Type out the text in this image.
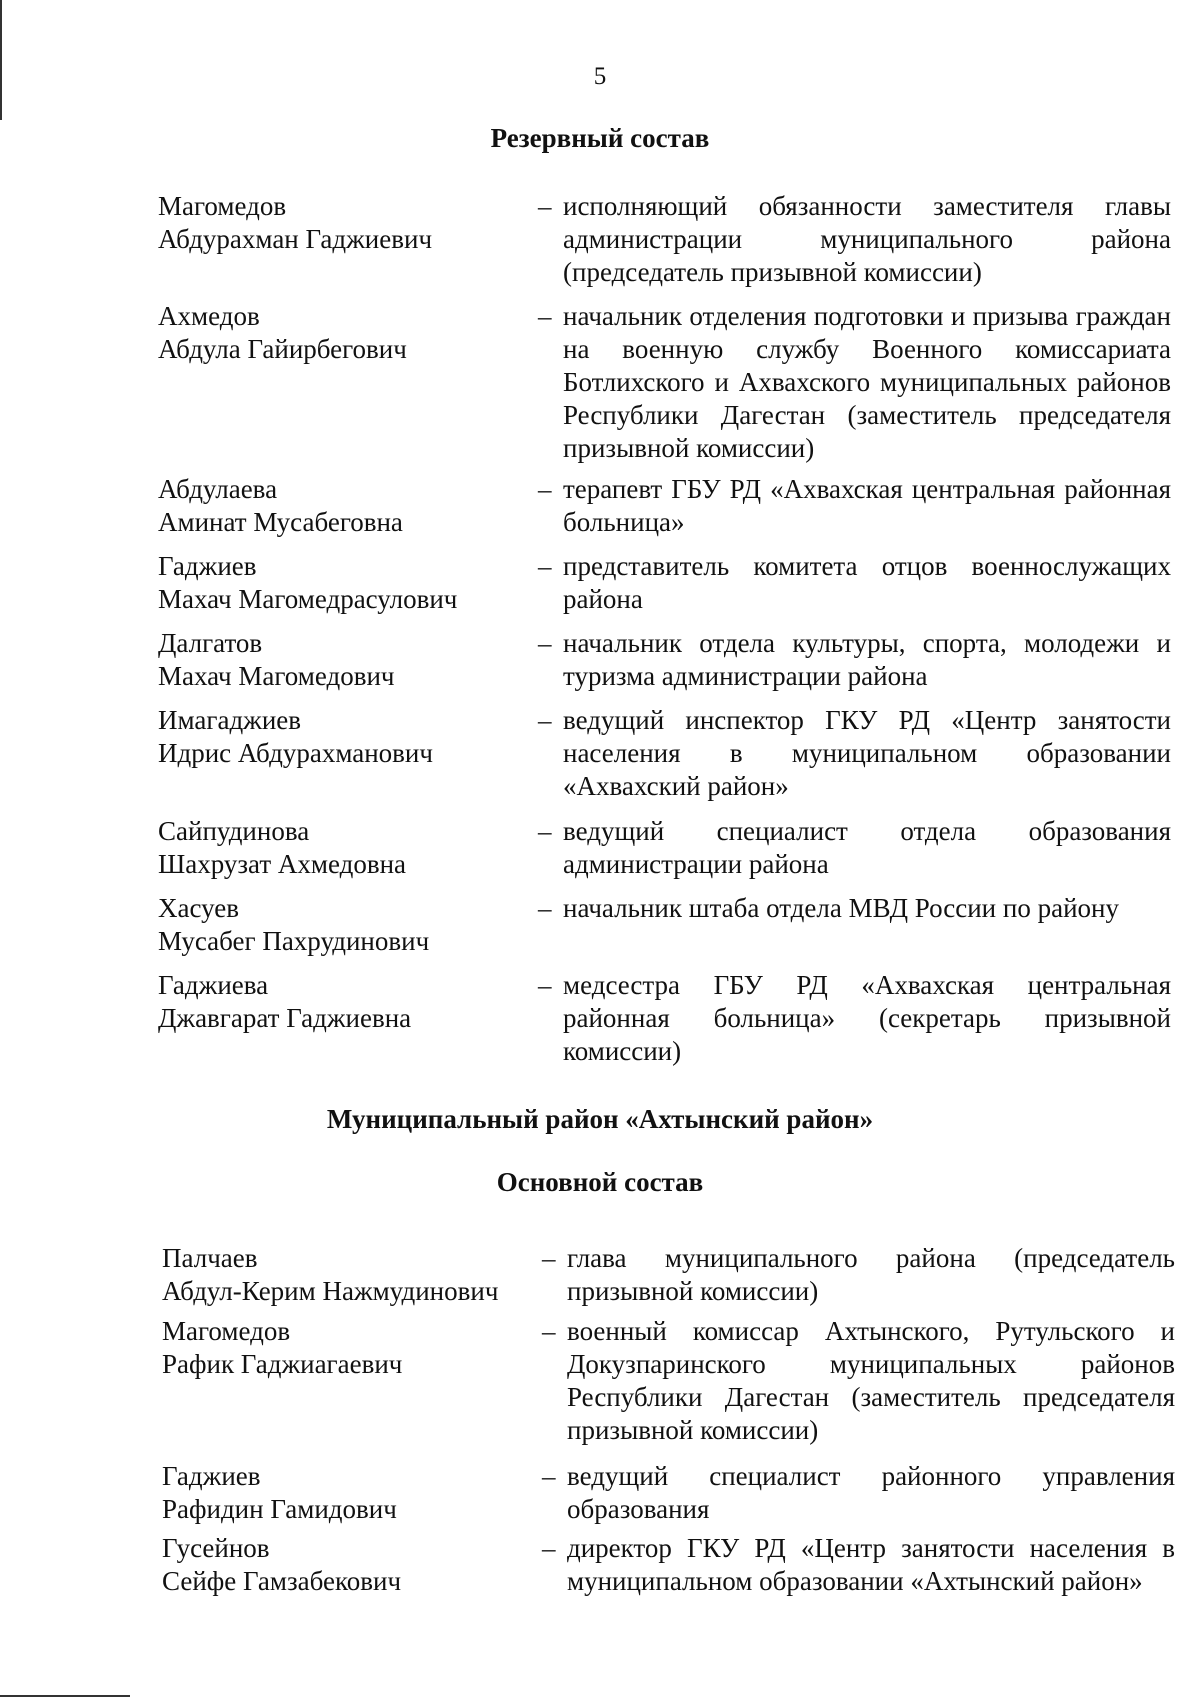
5
Резервный состав
Магомедов
Абдурахман Гаджиевич
– исполняющий обязанности заместителя главы администрации муниципального района (председатель призывной комиссии)
Ахмедов
Абдула Гайирбегович
– начальник отделения подготовки и призыва граждан на военную службу Военного комиссариата Ботлихского и Ахвахского муниципальных районов Республики Дагестан (заместитель председателя призывной комиссии)
Абдулаева
Аминат Мусабеговна
– терапевт ГБУ РД «Ахвахская центральная районная больница»
Гаджиев
Махач Магомедрасулович
– представитель комитета отцов военнослужащих района
Далгатов
Махач Магомедович
– начальник отдела культуры, спорта, молодежи и туризма администрации района
Имагаджиев
Идрис Абдурахманович
– ведущий инспектор ГКУ РД «Центр занятости населения в муниципальном образовании «Ахвахский район»
Сайпудинова
Шахрузат Ахмедовна
– ведущий специалист отдела образования администрации района
Хасуев
Мусабег Пахрудинович
– начальник штаба отдела МВД России по району
Гаджиева
Джавгарат Гаджиевна
– медсестра ГБУ РД «Ахвахская центральная районная больница» (секретарь призывной комиссии)
Муниципальный район «Ахтынский район»
Основной состав
Палчаев
Абдул-Керим Нажмудинович
– глава муниципального района (председатель призывной комиссии)
Магомедов
Рафик Гаджиагаевич
– военный комиссар Ахтынского, Рутульского и Докузпаринского муниципальных районов Республики Дагестан (заместитель председателя призывной комиссии)
Гаджиев
Рафидин Гамидович
– ведущий специалист районного управления образования
Гусейнов
Сейфе Гамзабекович
– директор ГКУ РД «Центр занятости населения в муниципальном образовании «Ахтынский район»
